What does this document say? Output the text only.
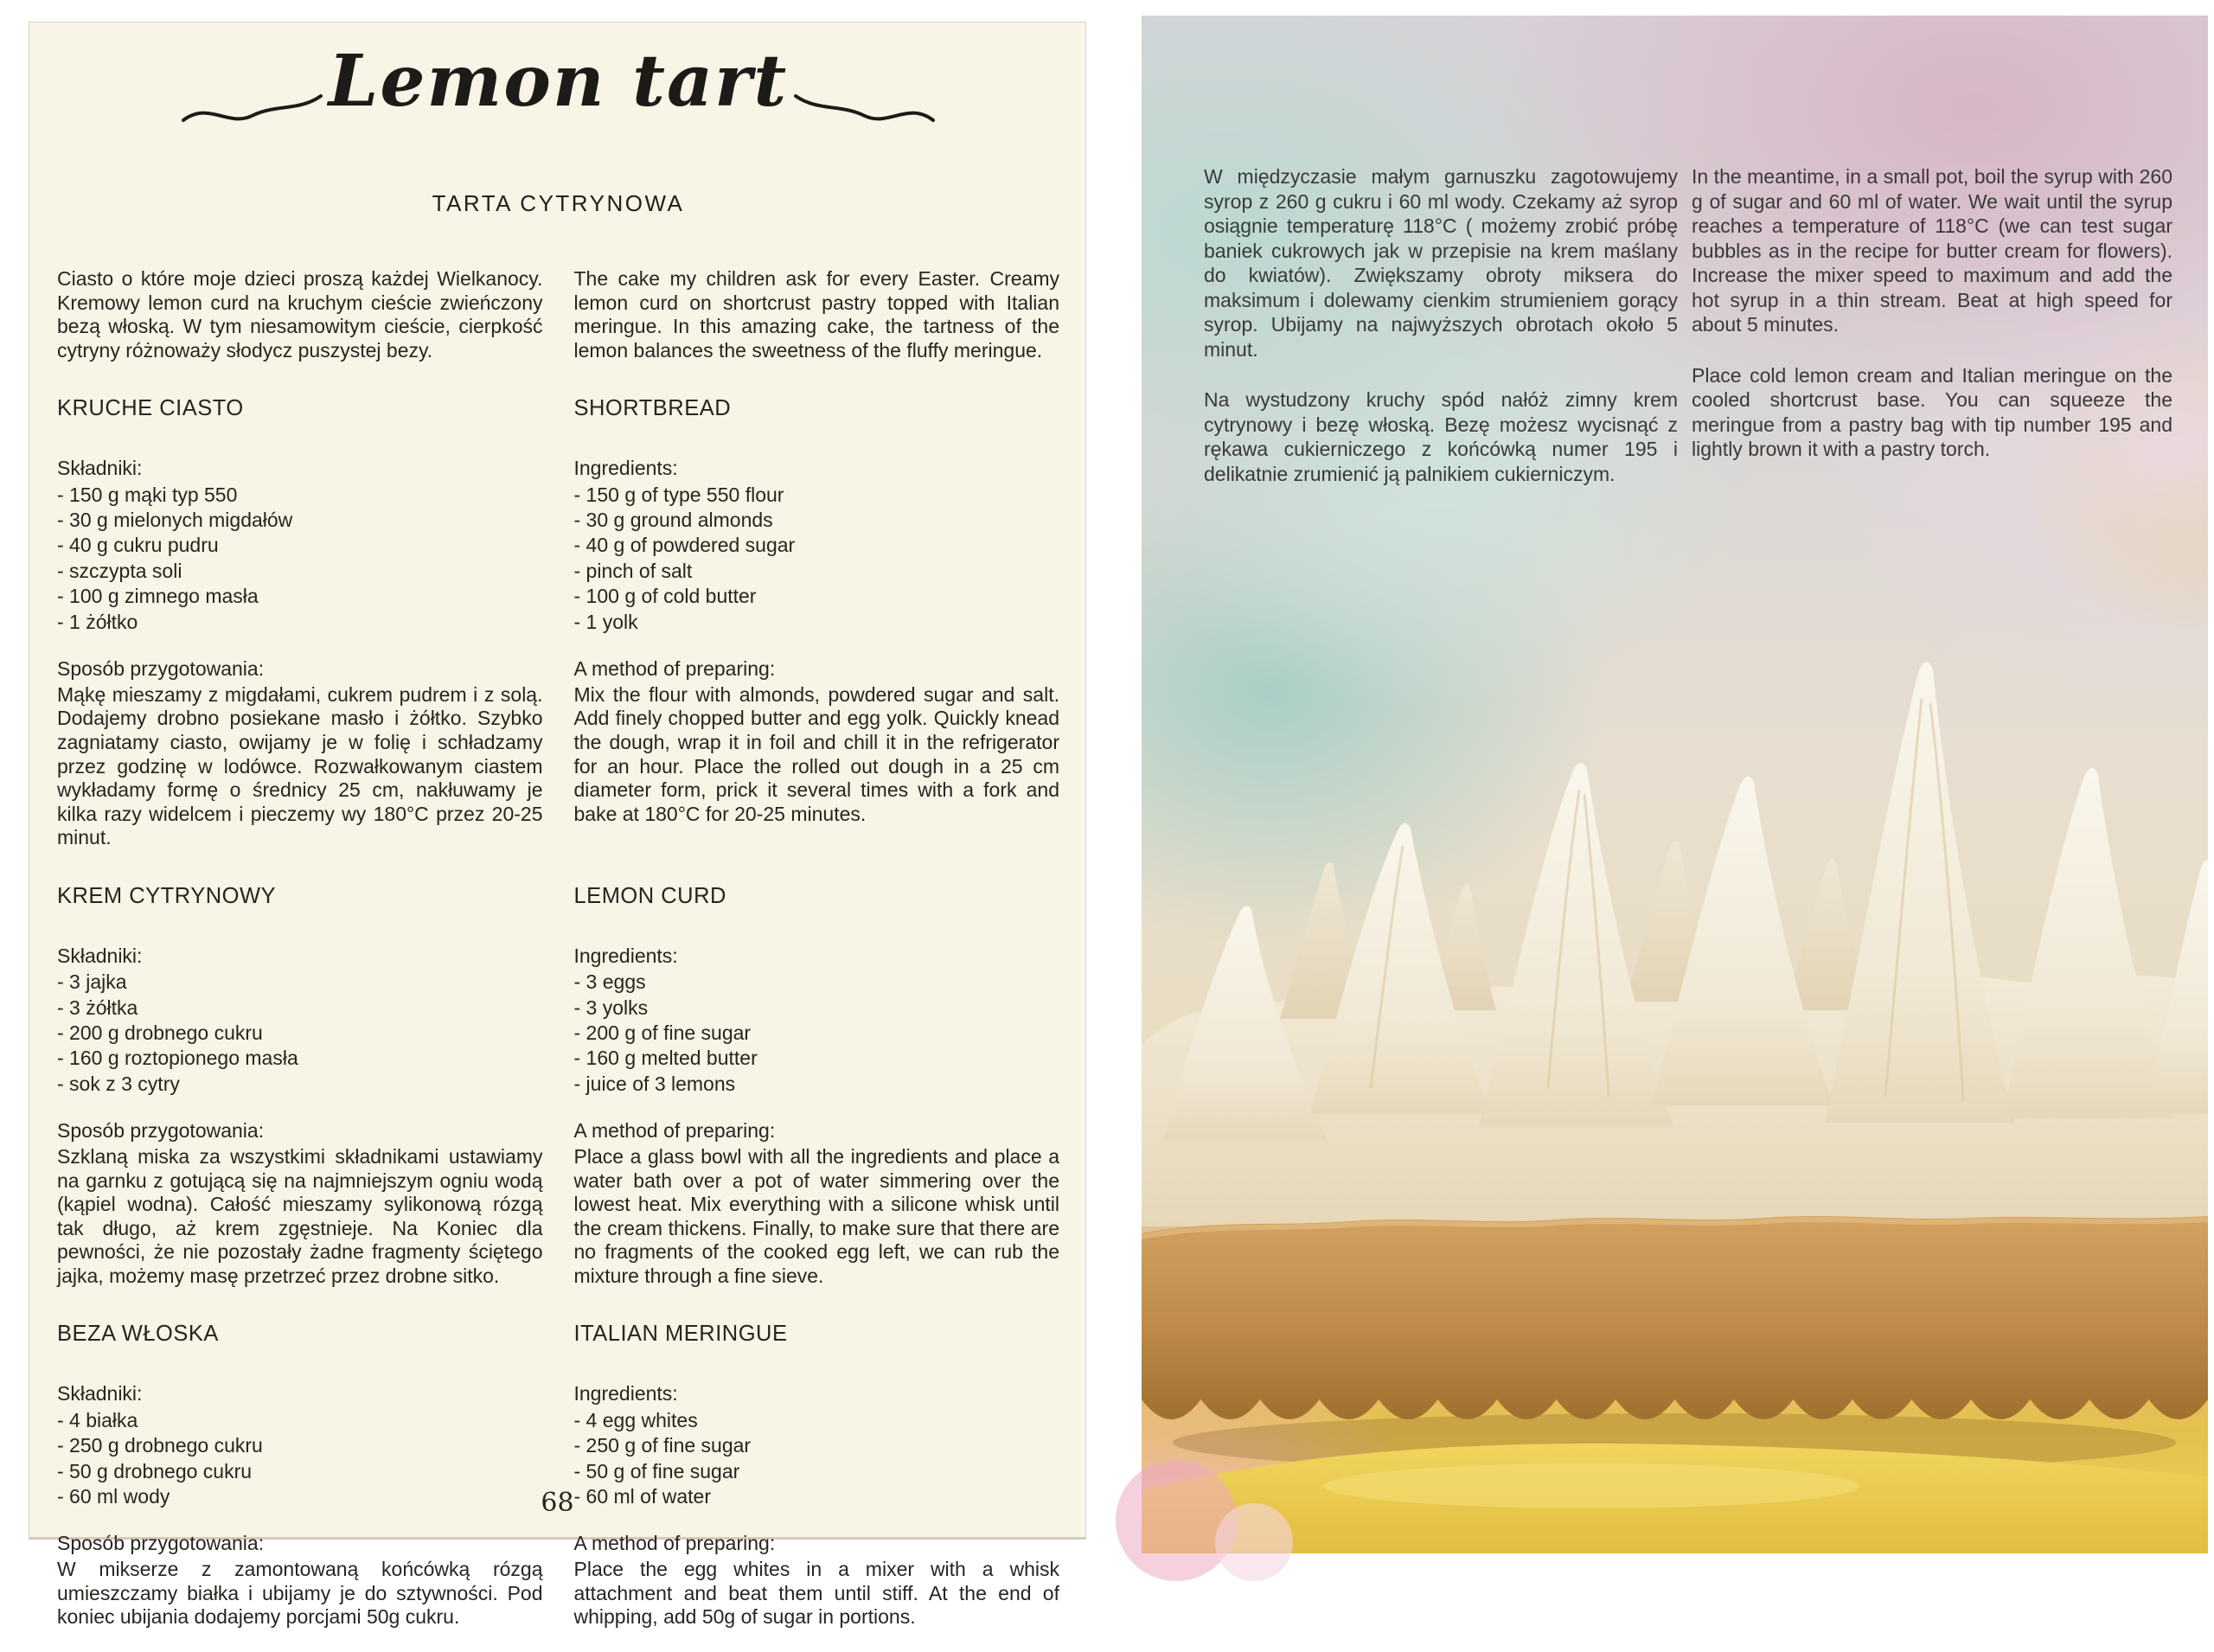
Lemon tart
TARTA CYTRYNOWA

Ciasto o które moje dzieci proszą każdej Wielkanocy. Kremowy lemon curd na kruchym cieście zwieńczony bezą włoską. W tym niesamowitym cieście, cierpkość cytryny różnoważy słodycz puszystej bezy.

The cake my children ask for every Easter. Creamy lemon curd on shortcrust pastry topped with Italian meringue. In this amazing cake, the tartness of the lemon balances the sweetness of the fluffy meringue.

KRUCHE CIASTO

Składniki:

- 150 g mąki typ 550

- 30 g mielonych migdałów

- 40 g cukru pudru

- szczypta soli

- 100 g zimnego masła

- 1 żółtko

SHORTBREAD

Ingredients:

- 150 g of type 550 flour

- 30 g ground almonds

- 40 g of powdered sugar

- pinch of salt

- 100 g of cold butter

- 1 yolk

Sposób przygotowania:

Mąkę mieszamy z migdałami, cukrem pudrem i z solą. Dodajemy drobno posiekane masło i żółtko. Szybko zagniatamy ciasto, owijamy je w folię i schładzamy przez godzinę w lodówce. Rozwałkowanym ciastem wykładamy formę o średnicy 25 cm, nakłuwamy je kilka razy widelcem i pieczemy wy 180°C przez 20-25 minut.

A method of preparing:

Mix the flour with almonds, powdered sugar and salt. Add finely chopped butter and egg yolk. Quickly knead the dough, wrap it in foil and chill it in the refrigerator for an hour. Place the rolled out dough in a 25 cm diameter form, prick it several times with a fork and bake at 180°C for 20-25 minutes.

KREM CYTRYNOWY

Składniki:

- 3 jajka

- 3 żółtka

- 200 g drobnego cukru

- 160 g roztopionego masła

- sok z 3 cytry

LEMON CURD

Ingredients:

- 3 eggs

- 3 yolks

- 200 g of fine sugar

- 160 g melted butter

- juice of 3 lemons

Sposób przygotowania:

Szklaną miska za wszystkimi składnikami ustawiamy na garnku z gotującą się na najmniejszym ogniu wodą (kąpiel wodna). Całość mieszamy sylikonową rózgą tak długo, aż krem zgęstnieje. Na Koniec dla pewności, że nie pozostały żadne fragmenty ściętego jajka, możemy masę przetrzeć przez drobne sitko.

A method of preparing:

Place a glass bowl with all the ingredients and place a water bath over a pot of water simmering over the lowest heat. Mix everything with a silicone whisk until the cream thickens. Finally, to make sure that there are no fragments of the cooked egg left, we can rub the mixture through a fine sieve.

BEZA WŁOSKA

Składniki:

- 4 białka

- 250 g drobnego cukru

- 50 g drobnego cukru

- 60 ml wody

ITALIAN MERINGUE

Ingredients:

- 4 egg whites

- 250 g of fine sugar

- 50 g of fine sugar

- 60 ml of water

Sposób przygotowania:

W mikserze z zamontowaną końcówką rózgą umieszczamy białka i ubijamy je do sztywności. Pod koniec ubijania dodajemy porcjami 50g cukru.

A method of preparing:

Place the egg whites in a mixer with a whisk attachment and beat them until stiff. At the end of whipping, add 50g of sugar in portions.

68

W międzyczasie małym garnuszku zagotowujemy syrop z 260 g cukru i 60 ml wody. Czekamy aż syrop osiągnie temperaturę 118°C ( możemy zrobić próbę baniek cukrowych jak w przepisie na krem maślany do kwiatów). Zwiększamy obroty miksera do maksimum i dolewamy cienkim strumieniem gorący syrop. Ubijamy na najwyższych obrotach około 5 minut.

Na wystudzony kruchy spód nałóż zimny krem cytrynowy i bezę włoską. Bezę możesz wycisnąć z rękawa cukierniczego z końcówką numer 195 i delikatnie zrumienić ją palnikiem cukierniczym.

In the meantime, in a small pot, boil the syrup with 260 g of sugar and 60 ml of water. We wait until the syrup reaches a temperature of 118°C (we can test sugar bubbles as in the recipe for butter cream for flowers). Increase the mixer speed to maximum and add the hot syrup in a thin stream. Beat at high speed for about 5 minutes.

Place cold lemon cream and Italian meringue on the cooled shortcrust base. You can squeeze the meringue from a pastry bag with tip number 195 and lightly brown it with a pastry torch.
